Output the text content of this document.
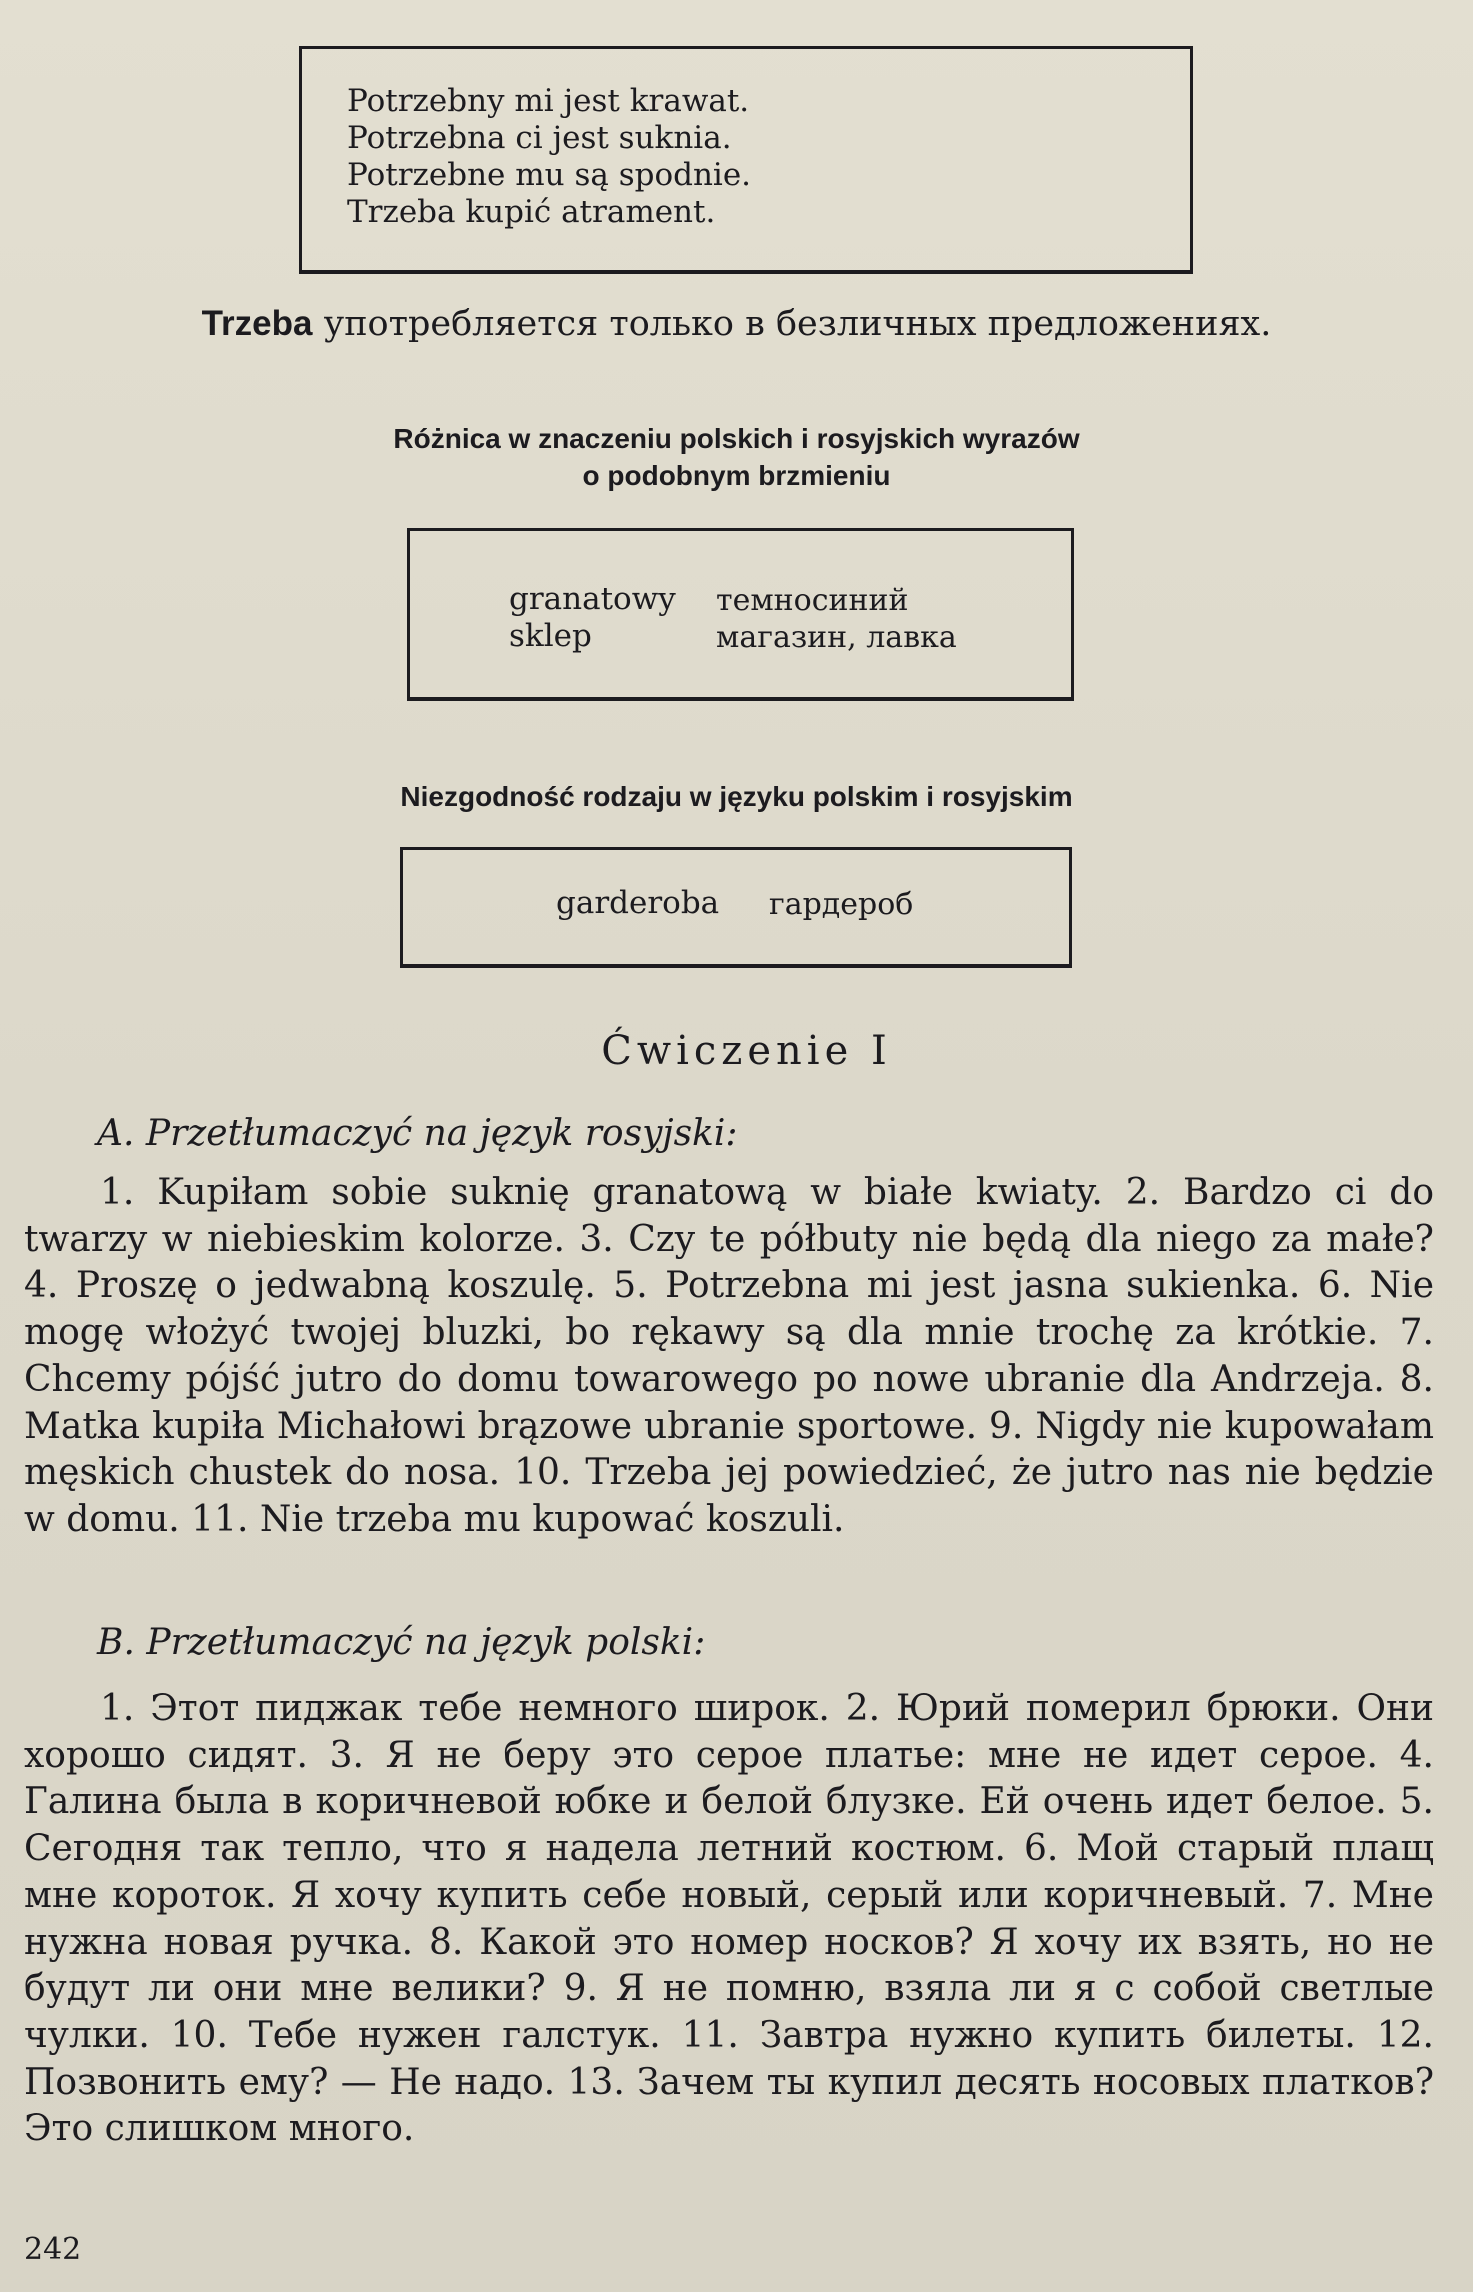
Potrzebny mi jest krawat.
Potrzebna ci jest suknia.
Potrzebne mu są spodnie.
Trzeba kupić atrament.
Trzeba употребляется только в безличных предложениях.
Różnica w znaczeniu polskich i rosyjskich wyrazów
o podobnym brzmieniu
granatowy темносиний
sklep	магазин, лавка
Niezgodność rodzaju w języku polskim i rosyjskim
garderoba гардероб
Ćwiczenie I
A. Przetłumaczyć na język rosyjski:
1. Kupiłam sobie suknię granatową w białe kwiaty. 2. Bardzo ci do twarzy w niebieskim kolorze. 3. Czy te półbuty nie będą dla niego za małe? 4. Proszę o jedwabną koszulę. 5. Potrzebna mi jest jasna sukienka. 6. Nie mogę włożyć twojej bluzki, bo rękawy są dla mnie trochę za krótkie. 7. Chcemy pójść jutro do domu towarowego po nowe ubranie dla Andrzeja. 8. Matka kupiła Michałowi brązowe ubranie sportowe. 9. Nigdy nie kupowałam męskich chustek do nosa. 10. Trzeba jej powiedzieć, że jutro nas nie będzie w domu. 11. Nie trzeba mu kupować koszuli.
B. Przetłumaczyć na język polski:
1. Этот пиджак тебе немного широк. 2. Юрий померил брюки. Они хорошо сидят. 3. Я не беру это серое платье: мне не идет серое. 4. Галина была в коричневой юбке и белой блузке. Ей очень идет белое. 5. Сегодня так тепло, что я надела летний костюм. 6. Мой старый плащ мне короток. Я хочу купить себе новый, серый или коричневый. 7. Мне нужна новая ручка. 8. Какой это номер носков? Я хочу их взять, но не будут ли они мне велики? 9. Я не помню, взяла ли я с собой светлые чулки. 10. Тебе нужен галстук. 11. Завтра нужно купить билеты. 12. Позвонить ему? — Не надо. 13. Зачем ты купил десять носовых платков? Это слишком много.
242
